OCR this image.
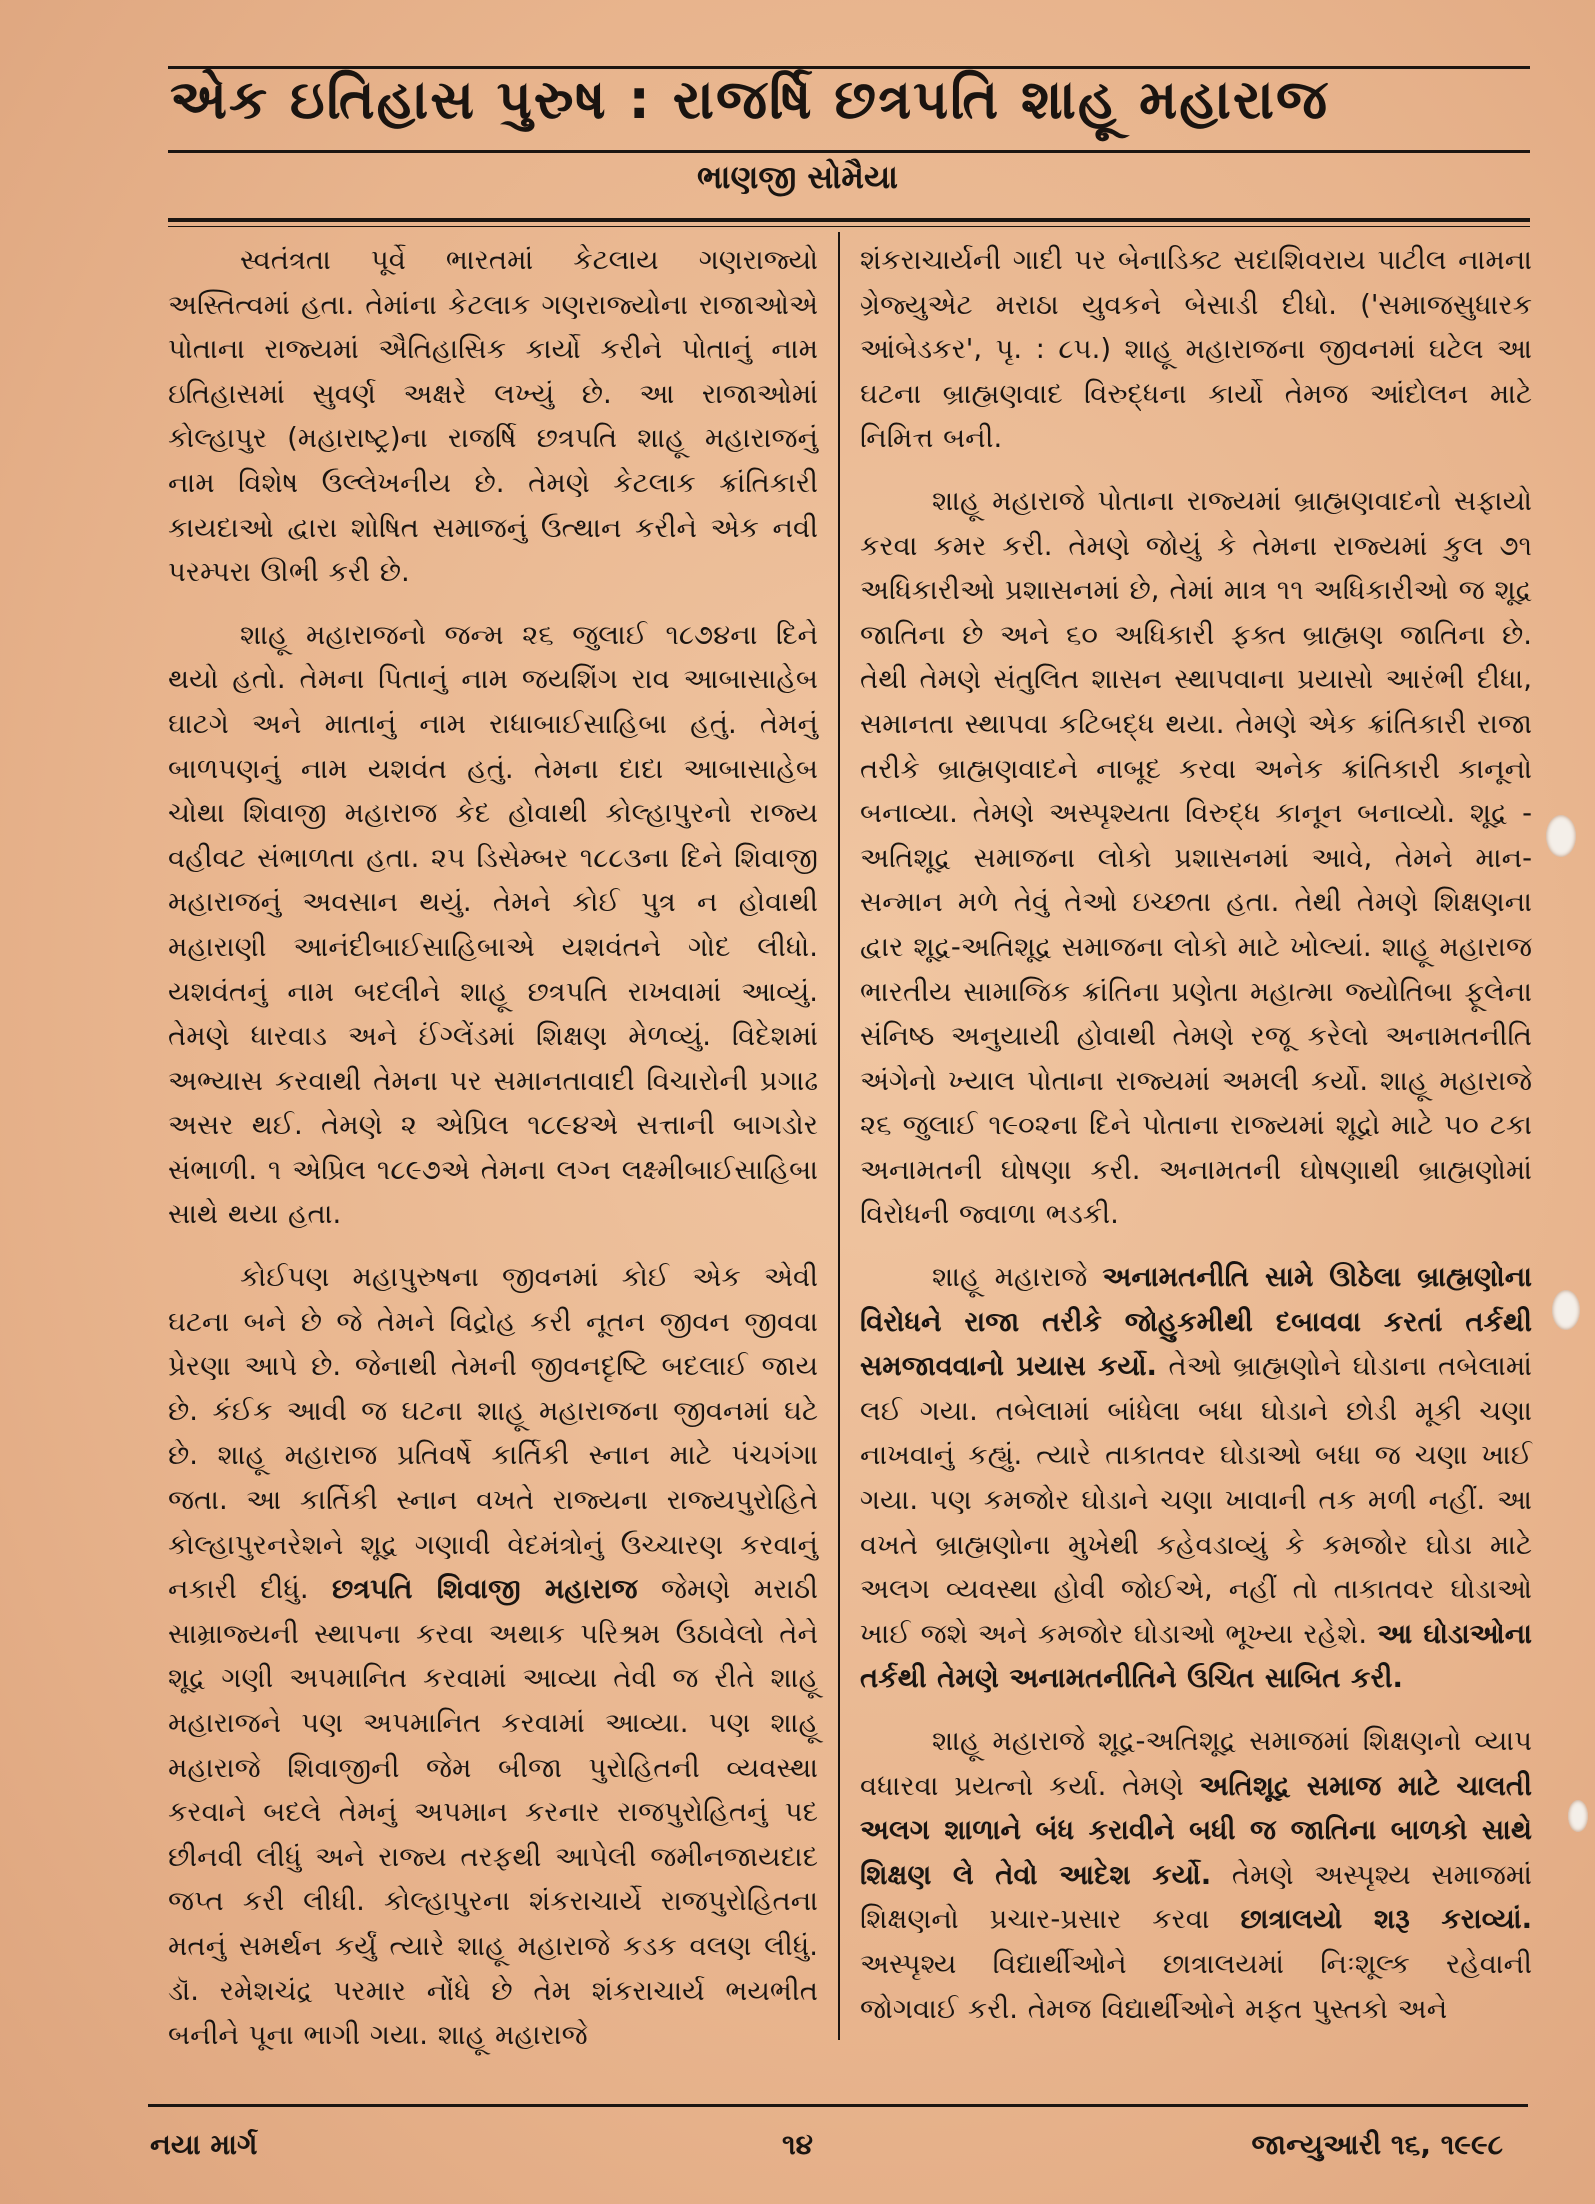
એક ઇતિહાસ પુરુષ : રાજર્ષિ છત્રપતિ શાહૂ મહારાજ
ભાણજી સોમૈયા

સ્વતંત્રતા પૂર્વે ભારતમાં કેટલાય ગણરાજ્યો અસ્તિત્વમાં હતા. તેમાંના કેટલાક ગણરાજ્યોના રાજાઓએ પોતાના રાજ્યમાં ઐતિહાસિક કાર્યો કરીને પોતાનું નામ ઇતિહાસમાં સુવર્ણ અક્ષરે લખ્યું છે. આ રાજાઓમાં કોલ્હાપુર (મહારાષ્ટ્ર)ના રાજર્ષિ છત્રપતિ શાહૂ મહારાજનું નામ વિશેષ ઉલ્લેખનીય છે. તેમણે કેટલાક ક્રાંતિકારી કાયદાઓ દ્વારા શોષિત સમાજનું ઉત્થાન કરીને એક નવી પરમ્પરા ઊભી કરી છે.

શાહૂ મહારાજનો જન્મ ૨૬ જુલાઈ ૧૮૭૪ના દિને થયો હતો. તેમના પિતાનું નામ જયશિંગ રાવ આબાસાહેબ ઘાટગે અને માતાનું નામ રાધાબાઈસાહિબા હતું. તેમનું બાળપણનું નામ યશવંત હતું. તેમના દાદા આબાસાહેબ ચોથા શિવાજી મહારાજ કેદ હોવાથી કોલ્હાપુરનો રાજ્ય વહીવટ સંભાળતા હતા. ૨૫ ડિસેમ્બર ૧૮૮૩ના દિને શિવાજી મહારાજનું અવસાન થયું. તેમને કોઈ પુત્ર ન હોવાથી મહારાણી આનંદીબાઈસાહિબાએ યશવંતને ગોદ લીધો. યશવંતનું નામ બદલીને શાહૂ છત્રપતિ રાખવામાં આવ્યું. તેમણે ધારવાડ અને ઈંગ્લેંડમાં શિક્ષણ મેળવ્યું. વિદેશમાં અભ્યાસ કરવાથી તેમના પર સમાનતાવાદી વિચારોની પ્રગાઢ અસર થઈ. તેમણે ૨ એપ્રિલ ૧૮૯૪એ સત્તાની બાગડોર સંભાળી. ૧ એપ્રિલ ૧૮૯૭એ તેમના લગ્ન લક્ષ્મીબાઈસાહિબા સાથે થયા હતા.

કોઈપણ મહાપુરુષના જીવનમાં કોઈ એક એવી ઘટના બને છે જે તેમને વિદ્રોહ કરી નૂતન જીવન જીવવા પ્રેરણા આપે છે. જેનાથી તેમની જીવનદૃષ્ટિ બદલાઈ જાય છે. કંઈક આવી જ ઘટના શાહૂ મહારાજના જીવનમાં ઘટે છે. શાહૂ મહારાજ પ્રતિવર્ષે કાર્તિકી સ્નાન માટે પંચગંગા જતા. આ કાર્તિકી સ્નાન વખતે રાજ્યના રાજ્યપુરોહિતે કોલ્હાપુરનરેશને શૂદ્ર ગણાવી વેદમંત્રોનું ઉચ્ચારણ કરવાનું નકારી દીધું. છત્રપતિ શિવાજી મહારાજ જેમણે મરાઠી સામ્રાજ્યની સ્થાપના કરવા અથાક પરિશ્રમ ઉઠાવેલો તેને શૂદ્ર ગણી અપમાનિત કરવામાં આવ્યા તેવી જ રીતે શાહૂ મહારાજને પણ અપમાનિત કરવામાં આવ્યા. પણ શાહૂ મહારાજે શિવાજીની જેમ બીજા પુરોહિતની વ્યવસ્થા કરવાને બદલે તેમનું અપમાન કરનાર રાજપુરોહિતનું પદ છીનવી લીધું અને રાજ્ય તરફથી આપેલી જમીનજાયદાદ જપ્ત કરી લીધી. કોલ્હાપુરના શંકરાચાર્યે રાજપુરોહિતના મતનું સમર્થન કર્યું ત્યારે શાહૂ મહારાજે કડક વલણ લીધું. ડૉ. રમેશચંદ્ર પરમાર નોંધે છે તેમ શંકરાચાર્ય ભયભીત બનીને પૂના ભાગી ગયા. શાહૂ મહારાજે

શંકરાચાર્યની ગાદી પર બેનાડિક્ટ સદાશિવરાય પાટીલ નામના ગ્રેજ્યુએટ મરાઠા યુવકને બેસાડી દીધો. ('સમાજસુધારક આંબેડકર', પૃ. : ૮૫.) શાહૂ મહારાજના જીવનમાં ઘટેલ આ ઘટના બ્રાહ્મણવાદ વિરુદ્ધના કાર્યો તેમજ આંદોલન માટે નિમિત્ત બની.

શાહૂ મહારાજે પોતાના રાજ્યમાં બ્રાહ્મણવાદનો સફાયો કરવા કમર કરી. તેમણે જોયું કે તેમના રાજ્યમાં કુલ ૭૧ અધિકારીઓ પ્રશાસનમાં છે, તેમાં માત્ર ૧૧ અધિકારીઓ જ શૂદ્ર જાતિના છે અને ૬૦ અધિકારી ફક્ત બ્રાહ્મણ જાતિના છે. તેથી તેમણે સંતુલિત શાસન સ્થાપવાના પ્રયાસો આરંભી દીધા, સમાનતા સ્થાપવા કટિબદ્ધ થયા. તેમણે એક ક્રાંતિકારી રાજા તરીકે બ્રાહ્મણવાદને નાબૂદ કરવા અનેક ક્રાંતિકારી કાનૂનો બનાવ્યા. તેમણે અસ્પૃશ્યતા વિરુદ્ધ કાનૂન બનાવ્યો. શૂદ્ર - અતિશૂદ્ર સમાજના લોકો પ્રશાસનમાં આવે, તેમને માન-સન્માન મળે તેવું તેઓ ઇચ્છતા હતા. તેથી તેમણે શિક્ષણના દ્વાર શૂદ્ર-અતિશૂદ્ર સમાજના લોકો માટે ખોલ્યાં. શાહૂ મહારાજ ભારતીય સામાજિક ક્રાંતિના પ્રણેતા મહાત્મા જ્યોતિબા ફૂલેના સંનિષ્ઠ અનુયાયી હોવાથી તેમણે રજૂ કરેલો અનામતનીતિ અંગેનો ખ્યાલ પોતાના રાજ્યમાં અમલી કર્યો. શાહૂ મહારાજે ૨૬ જુલાઈ ૧૯૦૨ના દિને પોતાના રાજ્યમાં શૂદ્રો માટે ૫૦ ટકા અનામતની ઘોષણા કરી. અનામતની ઘોષણાથી બ્રાહ્મણોમાં વિરોધની જ્વાળા ભડકી.

શાહૂ મહારાજે અનામતનીતિ સામે ઊઠેલા બ્રાહ્મણોના વિરોધને રાજા તરીકે જોહુકમીથી દબાવવા કરતાં તર્કથી સમજાવવાનો પ્રયાસ કર્યો. તેઓ બ્રાહ્મણોને ઘોડાના તબેલામાં લઈ ગયા. તબેલામાં બાંધેલા બધા ઘોડાને છોડી મૂકી ચણા નાખવાનું કહ્યું. ત્યારે તાકાતવર ઘોડાઓ બધા જ ચણા ખાઈ ગયા. પણ કમજોર ઘોડાને ચણા ખાવાની તક મળી નહીં. આ વખતે બ્રાહ્મણોના મુખેથી કહેવડાવ્યું કે કમજોર ઘોડા માટે અલગ વ્યવસ્થા હોવી જોઈએ, નહીં તો તાકાતવર ઘોડાઓ ખાઈ જશે અને કમજોર ઘોડાઓ ભૂખ્યા રહેશે. આ ઘોડાઓના તર્કથી તેમણે અનામતનીતિને ઉચિત સાબિત કરી.

શાહૂ મહારાજે શૂદ્ર-અતિશૂદ્ર સમાજમાં શિક્ષણનો વ્યાપ વધારવા પ્રયત્નો કર્યા. તેમણે અતિશૂદ્ર સમાજ માટે ચાલતી અલગ શાળાને બંધ કરાવીને બધી જ જાતિના બાળકો સાથે શિક્ષણ લે તેવો આદેશ કર્યો. તેમણે અસ્પૃશ્ય સમાજમાં શિક્ષણનો પ્રચાર-પ્રસાર કરવા છાત્રાલયો શરૂ કરાવ્યાં. અસ્પૃશ્ય વિદ્યાર્થીઓને છાત્રાલયમાં નિઃશૂલ્ક રહેવાની જોગવાઈ કરી. તેમજ વિદ્યાર્થીઓને મફત પુસ્તકો અને

નયા માર્ગ	૧૪	જાન્યુઆરી ૧૬, ૧૯૯૮
